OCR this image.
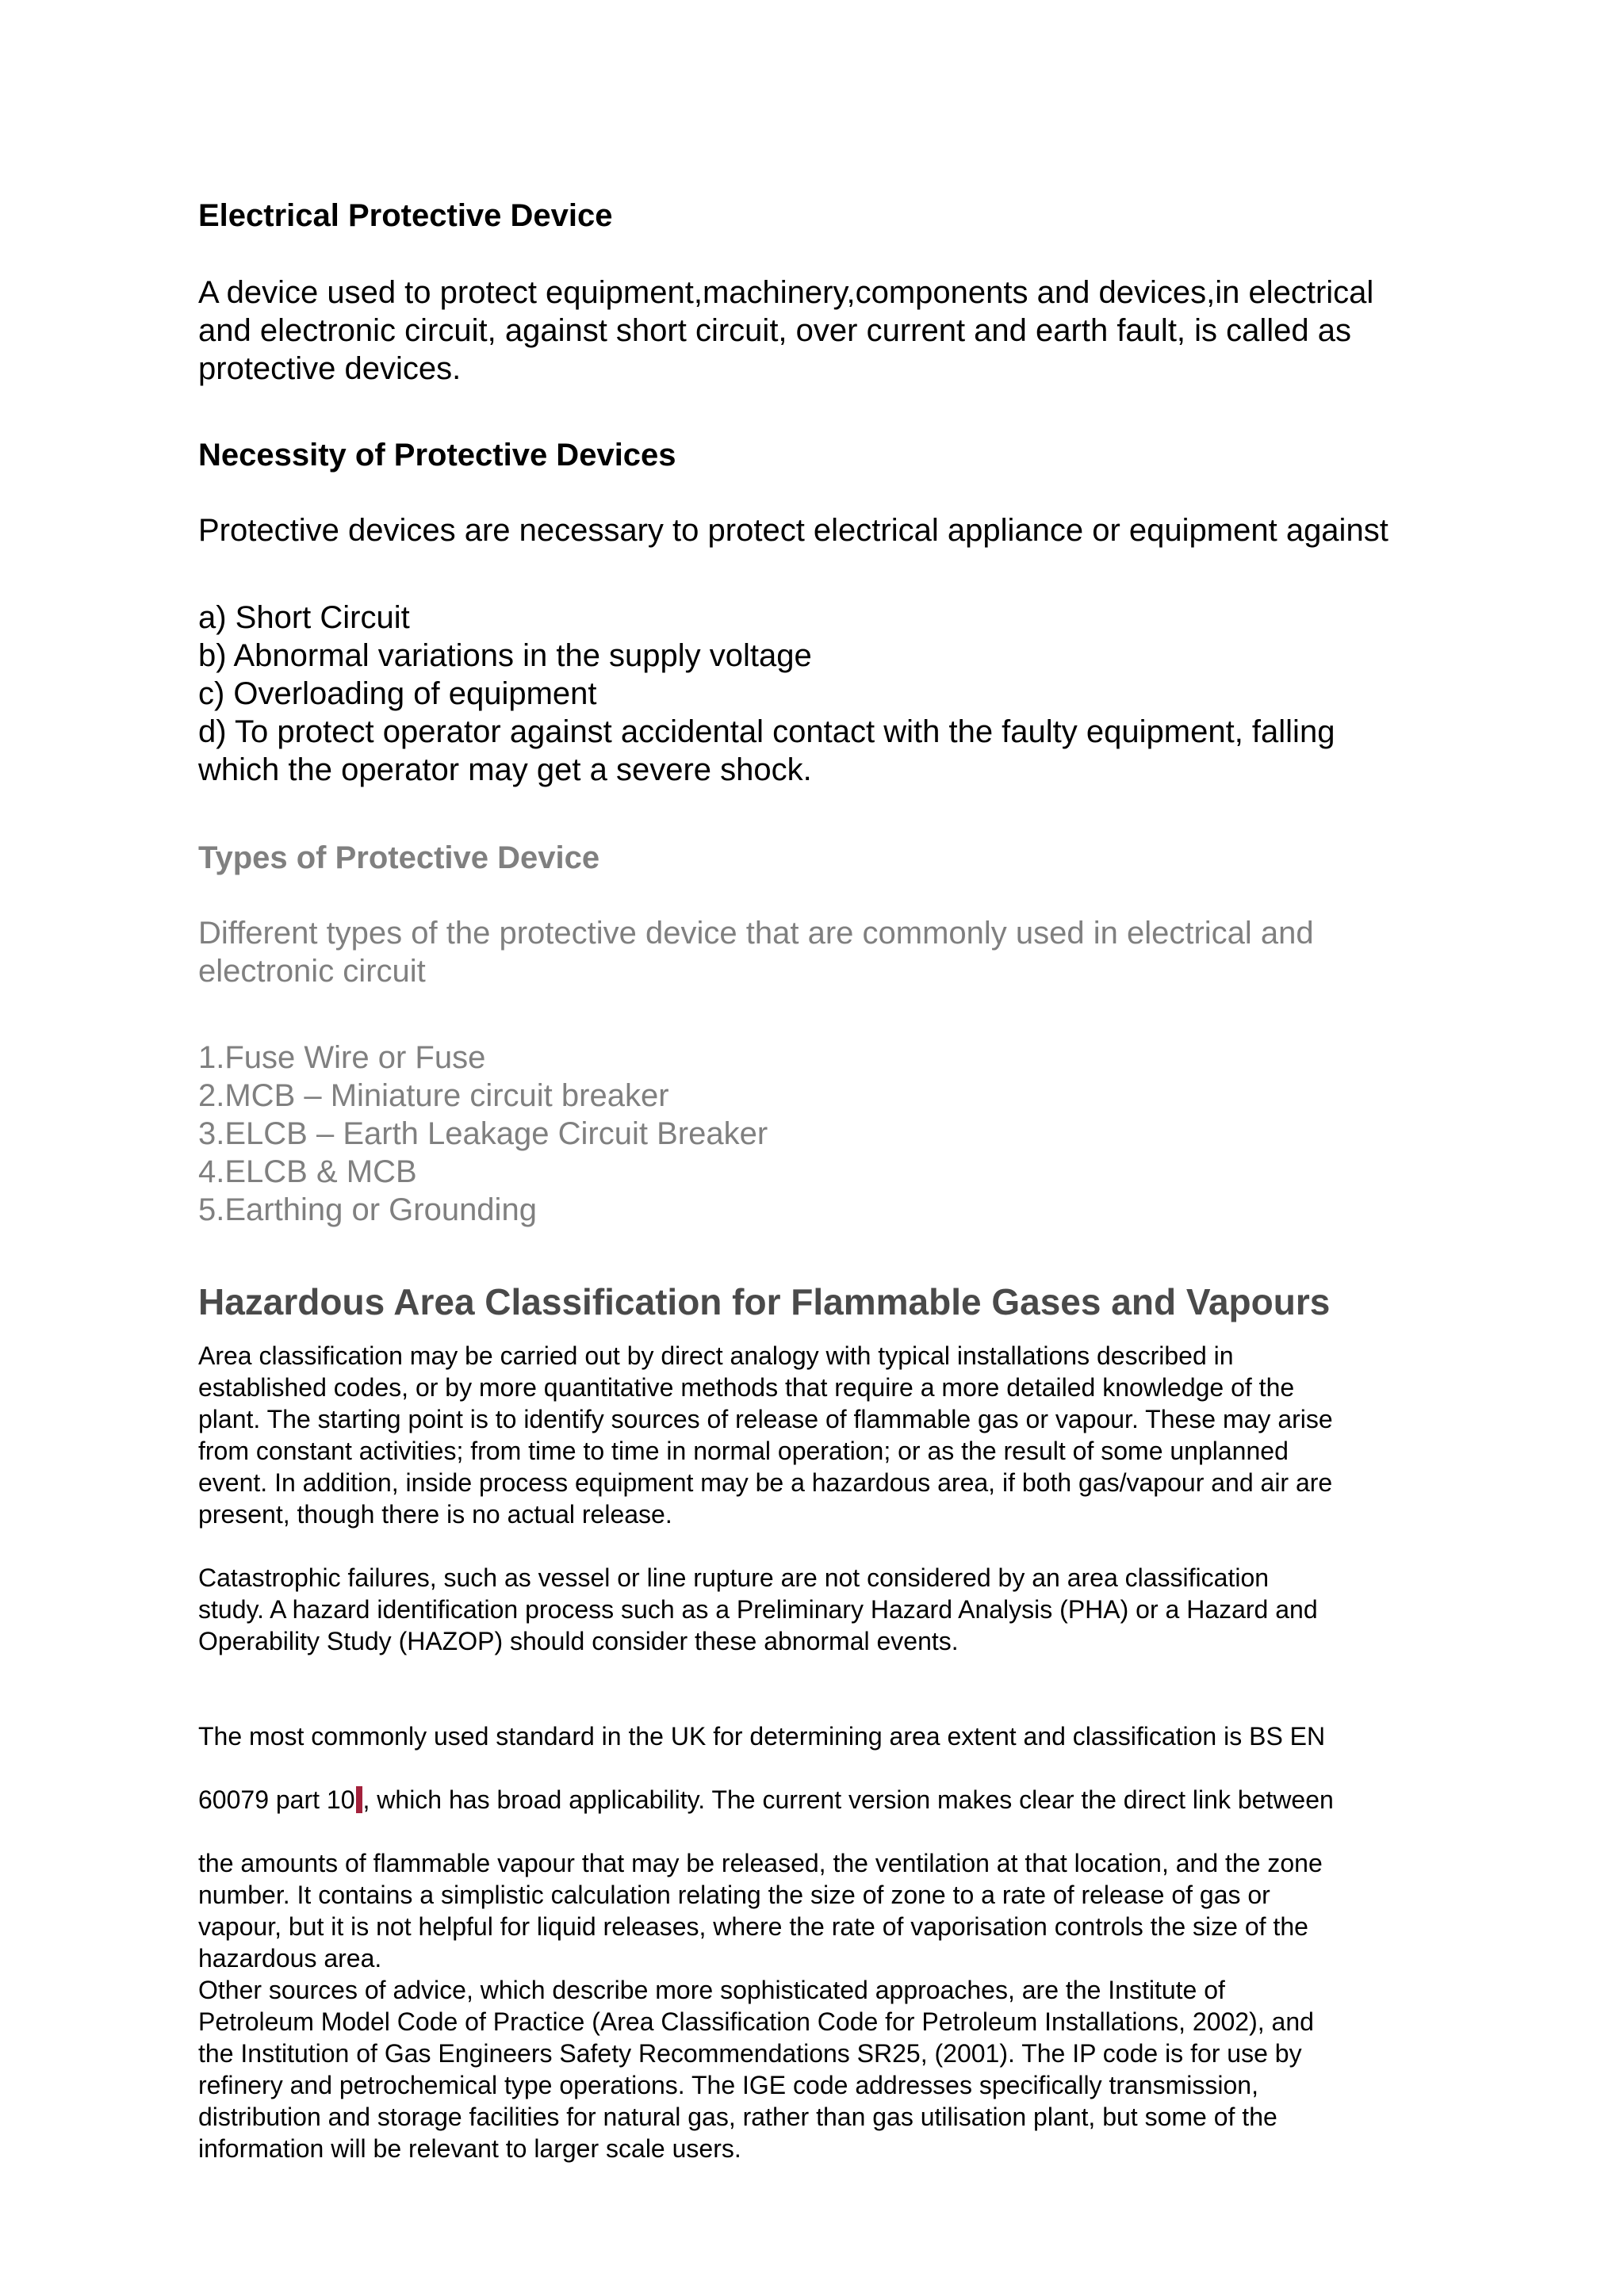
Electrical Protective Device

A device used to protect equipment,machinery,components and devices,in electrical
and electronic circuit, against short circuit, over current and earth fault, is called as
protective devices.

Necessity of Protective Devices

Protective devices are necessary to protect electrical appliance or equipment against

a) Short Circuit
b) Abnormal variations in the supply voltage
c) Overloading of equipment
d) To protect operator against accidental contact with the faulty equipment, falling
which the operator may get a severe shock.

Types of Protective Device

Different types of the protective device that are commonly used in electrical and
electronic circuit

1.Fuse Wire or Fuse
2.MCB – Miniature circuit breaker
3.ELCB – Earth Leakage Circuit Breaker
4.ELCB & MCB
5.Earthing or Grounding

Hazardous Area Classification for Flammable Gases and Vapours

Area classification may be carried out by direct analogy with typical installations described in
established codes, or by more quantitative methods that require a more detailed knowledge of the
plant. The starting point is to identify sources of release of flammable gas or vapour. These may arise
from constant activities; from time to time in normal operation; or as the result of some unplanned
event. In addition, inside process equipment may be a hazardous area, if both gas/vapour and air are
present, though there is no actual release.

Catastrophic failures, such as vessel or line rupture are not considered by an area classification
study. A hazard identification process such as a Preliminary Hazard Analysis (PHA) or a Hazard and
Operability Study (HAZOP) should consider these abnormal events.

The most commonly used standard in the UK for determining area extent and classification is BS EN

60079 part 10 , which has broad applicability. The current version makes clear the direct link between

the amounts of flammable vapour that may be released, the ventilation at that location, and the zone
number. It contains a simplistic calculation relating the size of zone to a rate of release of gas or
vapour, but it is not helpful for liquid releases, where the rate of vaporisation controls the size of the
hazardous area.
Other sources of advice, which describe more sophisticated approaches, are the Institute of
Petroleum Model Code of Practice (Area Classification Code for Petroleum Installations, 2002), and
the Institution of Gas Engineers Safety Recommendations SR25, (2001). The IP code is for use by
refinery and petrochemical type operations. The IGE code addresses specifically transmission,
distribution and storage facilities for natural gas, rather than gas utilisation plant, but some of the
information will be relevant to larger scale users.
